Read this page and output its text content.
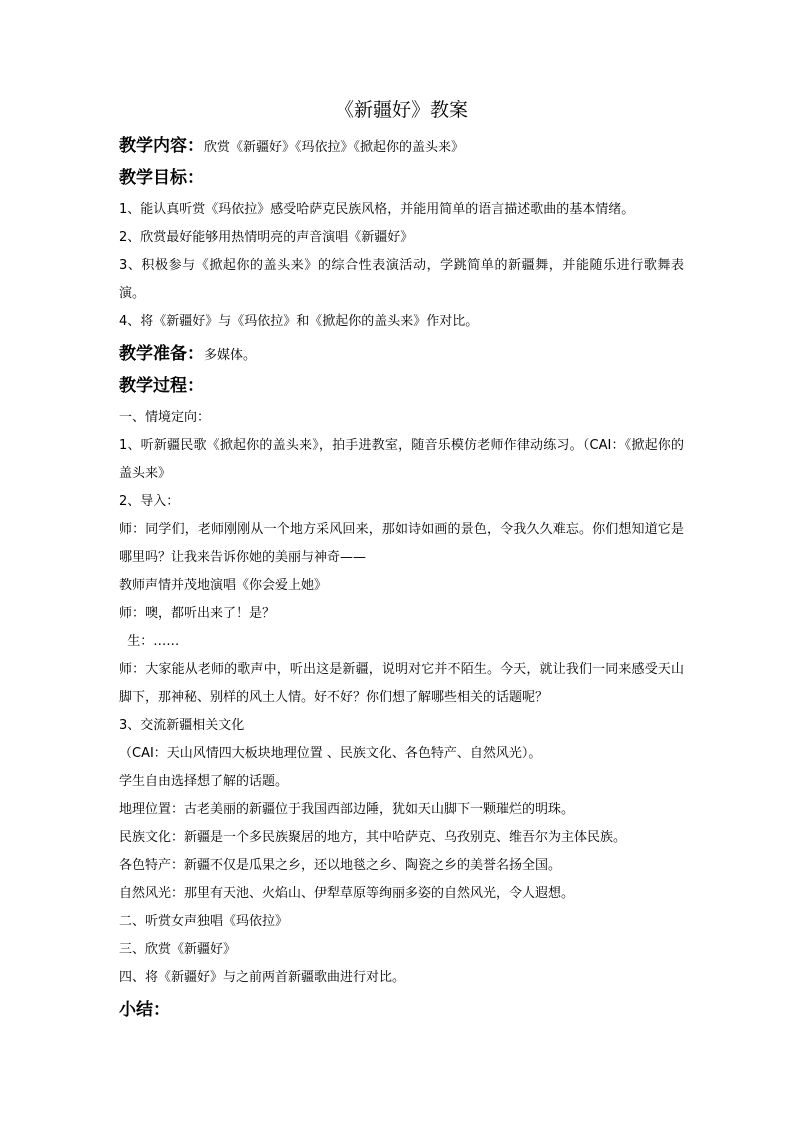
《新疆好》教案
教学内容：欣赏《新疆好》《玛依拉》《掀起你的盖头来》
教学目标：

1、能认真听赏《玛依拉》感受哈萨克民族风格，并能用简单的语言描述歌曲的基本情绪。

2、欣赏最好能够用热情明亮的声音演唱《新疆好》

3、积极参与《掀起你的盖头来》的综合性表演活动，学跳简单的新疆舞，并能随乐进行歌舞表演。

4、将《新疆好》与《玛依拉》和《掀起你的盖头来》作对比。

教学准备：多媒体。
教学过程：

一、情境定向：

1、听新疆民歌《掀起你的盖头来》，拍手进教室，随音乐模仿老师作律动练习。（CAI：《掀起你的盖头来》

2、导入：

师：同学们，老师刚刚从一个地方采风回来，那如诗如画的景色，令我久久难忘。你们想知道它是哪里吗？让我来告诉你她的美丽与神奇——

教师声情并茂地演唱《你会爱上她》

师：噢，都听出来了！是？

生：……

师：大家能从老师的歌声中，听出这是新疆，说明对它并不陌生。今天，就让我们一同来感受天山脚下，那神秘、别样的风土人情。好不好？你们想了解哪些相关的话题呢？

3、交流新疆相关文化

（CAI：天山风情四大板块地理位置 、民族文化、各色特产、自然风光）。

学生自由选择想了解的话题。

地理位置：古老美丽的新疆位于我国西部边陲，犹如天山脚下一颗璀烂的明珠。

民族文化：新疆是一个多民族聚居的地方，其中哈萨克、乌孜别克、维吾尔为主体民族。

各色特产：新疆不仅是瓜果之乡，还以地毯之乡、陶瓷之乡的美誉名扬全国。

自然风光：那里有天池、火焰山、伊犁草原等绚丽多姿的自然风光，令人遐想。

二、听赏女声独唱《玛依拉》

三、欣赏《新疆好》

四、将《新疆好》与之前两首新疆歌曲进行对比。

小结：
